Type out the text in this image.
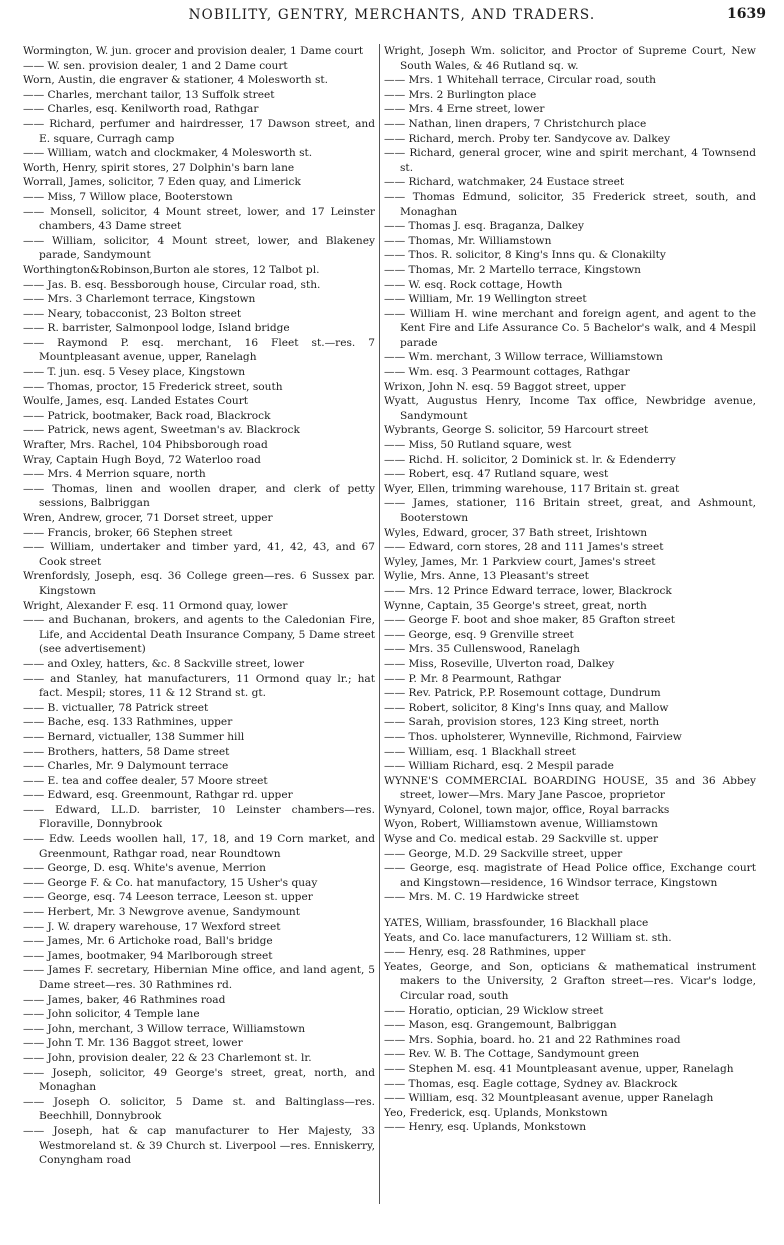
NOBILITY, GENTRY, MERCHANTS, AND TRADERS.	1639
Wormington, W. jun. grocer and provision dealer, 1 Dame court
—— W. sen. provision dealer, 1 and 2 Dame court
Worn, Austin, die engraver & stationer, 4 Molesworth st.
—— Charles, merchant tailor, 13 Suffolk street
—— Charles, esq. Kenilworth road, Rathgar
—— Richard, perfumer and hairdresser, 17 Dawson street, and E. square, Curragh camp
—— William, watch and clockmaker, 4 Molesworth st.
Worth, Henry, spirit stores, 27 Dolphin's barn lane
Worrall, James, solicitor, 7 Eden quay, and Limerick
—— Miss, 7 Willow place, Booterstown
—— Monsell, solicitor, 4 Mount street, lower, and 17 Leinster chambers, 43 Dame street
—— William, solicitor, 4 Mount street, lower, and Blakeney parade, Sandymount
Worthington&Robinson,Burton ale stores, 12 Talbot pl.
—— Jas. B. esq. Bessborough house, Circular road, sth.
—— Mrs. 3 Charlemont terrace, Kingstown
—— Neary, tobacconist, 23 Bolton street
—— R. barrister, Salmonpool lodge, Island bridge
—— Raymond P. esq. merchant, 16 Fleet st.—res. 7 Mountpleasant avenue, upper, Ranelagh
—— T. jun. esq. 5 Vesey place, Kingstown
—— Thomas, proctor, 15 Frederick street, south
Woulfe, James, esq. Landed Estates Court
—— Patrick, bootmaker, Back road, Blackrock
—— Patrick, news agent, Sweetman's av. Blackrock
Wrafter, Mrs. Rachel, 104 Phibsborough road
Wray, Captain Hugh Boyd, 72 Waterloo road
—— Mrs. 4 Merrion square, north
—— Thomas, linen and woollen draper, and clerk of petty sessions, Balbriggan
Wren, Andrew, grocer, 71 Dorset street, upper
—— Francis, broker, 66 Stephen street
—— William, undertaker and timber yard, 41, 42, 43, and 67 Cook street
Wrenfordsly, Joseph, esq. 36 College green—res. 6 Sussex par. Kingstown
Wright, Alexander F. esq. 11 Ormond quay, lower
—— and Buchanan, brokers, and agents to the Caledonian Fire, Life, and Accidental Death Insurance Company, 5 Dame street (see advertisement)
—— and Oxley, hatters, &c. 8 Sackville street, lower
—— and Stanley, hat manufacturers, 11 Ormond quay lr.; hat fact. Mespil; stores, 11 & 12 Strand st. gt.
—— B. victualler, 78 Patrick street
—— Bache, esq. 133 Rathmines, upper
—— Bernard, victualler, 138 Summer hill
—— Brothers, hatters, 58 Dame street
—— Charles, Mr. 9 Dalymount terrace
—— E. tea and coffee dealer, 57 Moore street
—— Edward, esq. Greenmount, Rathgar rd. upper
—— Edward, LL.D. barrister, 10 Leinster chambers—res. Floraville, Donnybrook
—— Edw. Leeds woollen hall, 17, 18, and 19 Corn market, and Greenmount, Rathgar road, near Roundtown
—— George, D. esq. White's avenue, Merrion
—— George F. & Co. hat manufactory, 15 Usher's quay
—— George, esq. 74 Leeson terrace, Leeson st. upper
—— Herbert, Mr. 3 Newgrove avenue, Sandymount
—— J. W. drapery warehouse, 17 Wexford street
—— James, Mr. 6 Artichoke road, Ball's bridge
—— James, bootmaker, 94 Marlborough street
—— James F. secretary, Hibernian Mine office, and land agent, 5 Dame street—res. 30 Rathmines rd.
—— James, baker, 46 Rathmines road
—— John solicitor, 4 Temple lane
—— John, merchant, 3 Willow terrace, Williamstown
—— John T. Mr. 136 Baggot street, lower
—— John, provision dealer, 22 & 23 Charlemont st. lr.
—— Joseph, solicitor, 49 George's street, great, north, and Monaghan
—— Joseph O. solicitor, 5 Dame st. and Baltinglass—res. Beechhill, Donnybrook
—— Joseph, hat & cap manufacturer to Her Majesty, 33 Westmoreland st. & 39 Church st. Liverpool —res. Enniskerry, Conyngham road
Wright, Joseph Wm. solicitor, and Proctor of Supreme Court, New South Wales, & 46 Rutland sq. w.
—— Mrs. 1 Whitehall terrace, Circular road, south
—— Mrs. 2 Burlington place
—— Mrs. 4 Erne street, lower
—— Nathan, linen drapers, 7 Christchurch place
—— Richard, merch. Proby ter. Sandycove av. Dalkey
—— Richard, general grocer, wine and spirit merchant, 4 Townsend st.
—— Richard, watchmaker, 24 Eustace street
—— Thomas Edmund, solicitor, 35 Frederick street, south, and Monaghan
—— Thomas J. esq. Braganza, Dalkey
—— Thomas, Mr. Williamstown
—— Thos. R. solicitor, 8 King's Inns qu. & Clonakilty
—— Thomas, Mr. 2 Martello terrace, Kingstown
—— W. esq. Rock cottage, Howth
—— William, Mr. 19 Wellington street
—— William H. wine merchant and foreign agent, and agent to the Kent Fire and Life Assurance Co. 5 Bachelor's walk, and 4 Mespil parade
—— Wm. merchant, 3 Willow terrace, Williamstown
—— Wm. esq. 3 Pearmount cottages, Rathgar
Wrixon, John N. esq. 59 Baggot street, upper
Wyatt, Augustus Henry, Income Tax office, Newbridge avenue, Sandymount
Wybrants, George S. solicitor, 59 Harcourt street
—— Miss, 50 Rutland square, west
—— Richd. H. solicitor, 2 Dominick st. lr. & Edenderry
—— Robert, esq. 47 Rutland square, west
Wyer, Ellen, trimming warehouse, 117 Britain st. great
—— James, stationer, 116 Britain street, great, and Ashmount, Booterstown
Wyles, Edward, grocer, 37 Bath street, Irishtown
—— Edward, corn stores, 28 and 111 James's street
Wyley, James, Mr. 1 Parkview court, James's street
Wylie, Mrs. Anne, 13 Pleasant's street
—— Mrs. 12 Prince Edward terrace, lower, Blackrock
Wynne, Captain, 35 George's street, great, north
—— George F. boot and shoe maker, 85 Grafton street
—— George, esq. 9 Grenville street
—— Mrs. 35 Cullenswood, Ranelagh
—— Miss, Roseville, Ulverton road, Dalkey
—— P. Mr. 8 Pearmount, Rathgar
—— Rev. Patrick, P.P. Rosemount cottage, Dundrum
—— Robert, solicitor, 8 King's Inns quay, and Mallow
—— Sarah, provision stores, 123 King street, north
—— Thos. upholsterer, Wynneville, Richmond, Fairview
—— William, esq. 1 Blackhall street
—— William Richard, esq. 2 Mespil parade
WYNNE'S COMMERCIAL BOARDING HOUSE, 35 and 36 Abbey street, lower—Mrs. Mary Jane Pascoe, proprietor
Wynyard, Colonel, town major, office, Royal barracks
Wyon, Robert, Williamstown avenue, Williamstown
Wyse and Co. medical estab. 29 Sackville st. upper
—— George, M.D. 29 Sackville street, upper
—— George, esq. magistrate of Head Police office, Exchange court and Kingstown—residence, 16 Windsor terrace, Kingstown
—— Mrs. M. C. 19 Hardwicke street
YATES, William, brassfounder, 16 Blackhall place
Yeats, and Co. lace manufacturers, 12 William st. sth.
—— Henry, esq. 28 Rathmines, upper
Yeates, George, and Son, opticians & mathematical instrument makers to the University, 2 Grafton street—res. Vicar's lodge, Circular road, south
—— Horatio, optician, 29 Wicklow street
—— Mason, esq. Grangemount, Balbriggan
—— Mrs. Sophia, board. ho. 21 and 22 Rathmines road
—— Rev. W. B. The Cottage, Sandymount green
—— Stephen M. esq. 41 Mountpleasant avenue, upper, Ranelagh
—— Thomas, esq. Eagle cottage, Sydney av. Blackrock
—— William, esq. 32 Mountpleasant avenue, upper Ranelagh
Yeo, Frederick, esq. Uplands, Monkstown
—— Henry, esq. Uplands, Monkstown
